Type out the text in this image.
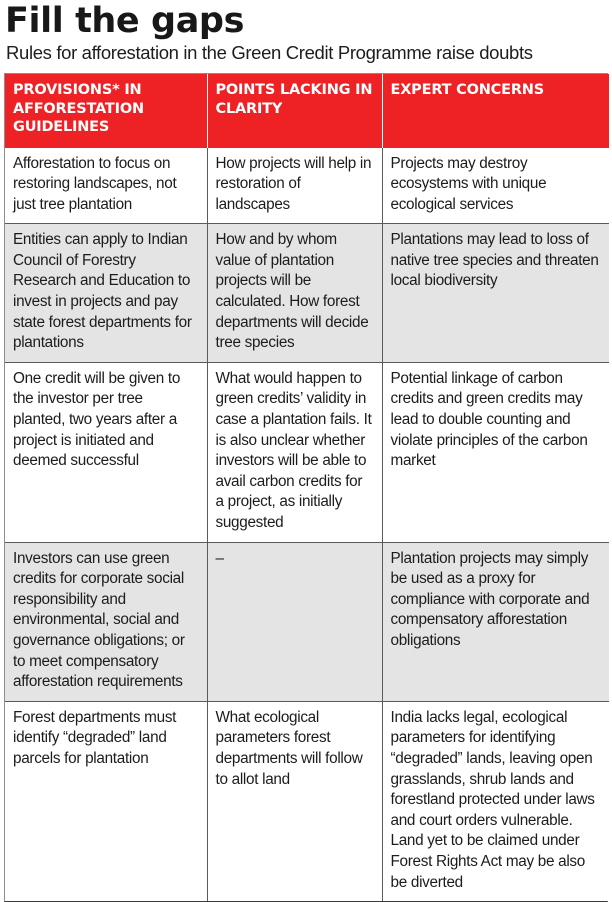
Fill the gaps

Rules for afforestation in the Green Credit Programme raise doubts

PROVISIONS* IN AFFORESTATION GUIDELINES	POINTS LACKING IN CLARITY	EXPERT CONCERNS
Afforestation to focus on restoring landscapes, not just tree plantation	How projects will help in restoration of landscapes	Projects may destroy ecosystems with unique ecological services
Entities can apply to Indian Council of Forestry Research and Education to invest in projects and pay state forest departments for plantations	How and by whom value of plantation projects will be calculated. How forest departments will decide tree species	Plantations may lead to loss of native tree species and threaten local biodiversity
One credit will be given to the investor per tree planted, two years after a project is initiated and deemed successful	What would happen to green credits’ validity in case a plantation fails. It is also unclear whether investors will be able to avail carbon credits for a project, as initially suggested	Potential linkage of carbon credits and green credits may lead to double counting and violate principles of the carbon market
Investors can use green credits for corporate social responsibility and environmental, social and governance obligations; or to meet compensatory afforestation requirements	–	Plantation projects may simply be used as a proxy for compliance with corporate and compensatory afforestation obligations
Forest departments must identify “degraded” land parcels for plantation	What ecological parameters forest departments will follow to allot land	India lacks legal, ecological parameters for identifying “degraded” lands, leaving open grasslands, shrub lands and forestland protected under laws and court orders vulnerable. Land yet to be claimed under Forest Rights Act may be also be diverted
